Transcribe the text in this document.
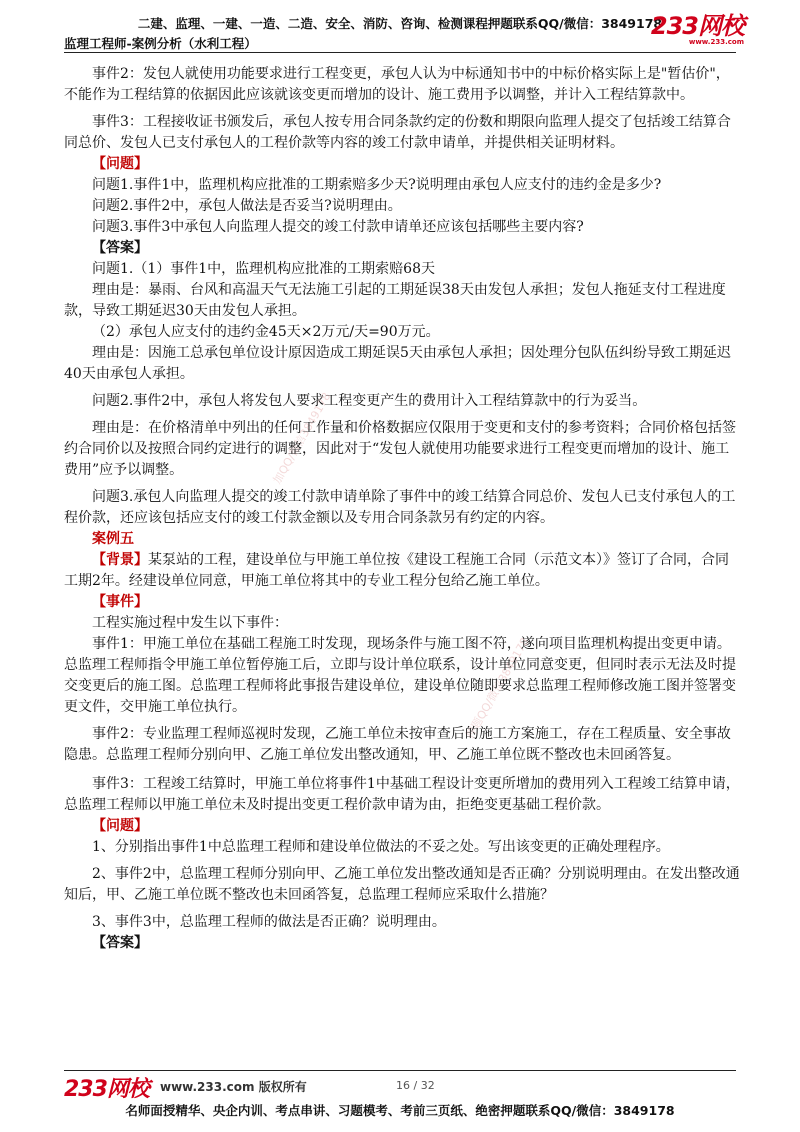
二建、监理、一建、一造、二造、安全、消防、咨询、检测课程押题联系QQ/微信：3849178
233网校
www.233.com
监理工程师-案例分析（水利工程）
加QQ/微信3849178
押题QQ/微信3849178

事件2：发包人就使用功能要求进行工程变更，承包人认为中标通知书中的中标价格实际上是"暂估价"，不能作为工程结算的依据因此应该就该变更而增加的设计、施工费用予以调整，并计入工程结算款中。

事件3：工程接收证书颁发后，承包人按专用合同条款约定的份数和期限向监理人提交了包括竣工结算合同总价、发包人已支付承包人的工程价款等内容的竣工付款申请单，并提供相关证明材料。

【问题】

问题1.事件1中，监理机构应批准的工期索赔多少天?说明理由承包人应支付的违约金是多少?

问题2.事件2中，承包人做法是否妥当?说明理由。

问题3.事件3中承包人向监理人提交的竣工付款申请单还应该包括哪些主要内容?

【答案】

问题1.（1）事件1中，监理机构应批准的工期索赔68天

理由是：暴雨、台风和高温天气无法施工引起的工期延误38天由发包人承担；发包人拖延支付工程进度款，导致工期延迟30天由发包人承担。

（2）承包人应支付的违约金45天×2万元/天=90万元。

理由是：因施工总承包单位设计原因造成工期延误5天由承包人承担；因处理分包队伍纠纷导致工期延迟40天由承包人承担。

问题2.事件2中，承包人将发包人要求工程变更产生的费用计入工程结算款中的行为妥当。

理由是：在价格清单中列出的任何工作量和价格数据应仅限用于变更和支付的参考资料；合同价格包括签约合同价以及按照合同约定进行的调整，因此对于“发包人就使用功能要求进行工程变更而增加的设计、施工费用”应予以调整。

问题3.承包人向监理人提交的竣工付款申请单除了事件中的竣工结算合同总价、发包人已支付承包人的工程价款，还应该包括应支付的竣工付款金额以及专用合同条款另有约定的内容。

案例五

【背景】某泵站的工程，建设单位与甲施工单位按《建设工程施工合同（示范文本）》签订了合同，合同工期2年。经建设单位同意，甲施工单位将其中的专业工程分包给乙施工单位。

【事件】

工程实施过程中发生以下事件：

事件1：甲施工单位在基础工程施工时发现，现场条件与施工图不符，遂向项目监理机构提出变更申请。总监理工程师指令甲施工单位暂停施工后，立即与设计单位联系，设计单位同意变更，但同时表示无法及时提交变更后的施工图。总监理工程师将此事报告建设单位，建设单位随即要求总监理工程师修改施工图并签署变更文件，交甲施工单位执行。

事件2：专业监理工程师巡视时发现，乙施工单位未按审查后的施工方案施工，存在工程质量、安全事故隐患。总监理工程师分别向甲、乙施工单位发出整改通知，甲、乙施工单位既不整改也未回函答复。

事件3：工程竣工结算时，甲施工单位将事件1中基础工程设计变更所增加的费用列入工程竣工结算申请，总监理工程师以甲施工单位未及时提出变更工程价款申请为由，拒绝变更基础工程价款。

【问题】

1、分别指出事件1中总监理工程师和建设单位做法的不妥之处。写出该变更的正确处理程序。

2、事件2中，总监理工程师分别向甲、乙施工单位发出整改通知是否正确？分别说明理由。在发出整改通知后，甲、乙施工单位既不整改也未回函答复，总监理工程师应采取什么措施？

3、事件3中，总监理工程师的做法是否正确？说明理由。

【答案】

233网校 www.233.com 版权所有	16 / 32
名师面授精华、央企内训、考点串讲、习题模考、考前三页纸、绝密押题联系QQ/微信：3849178
